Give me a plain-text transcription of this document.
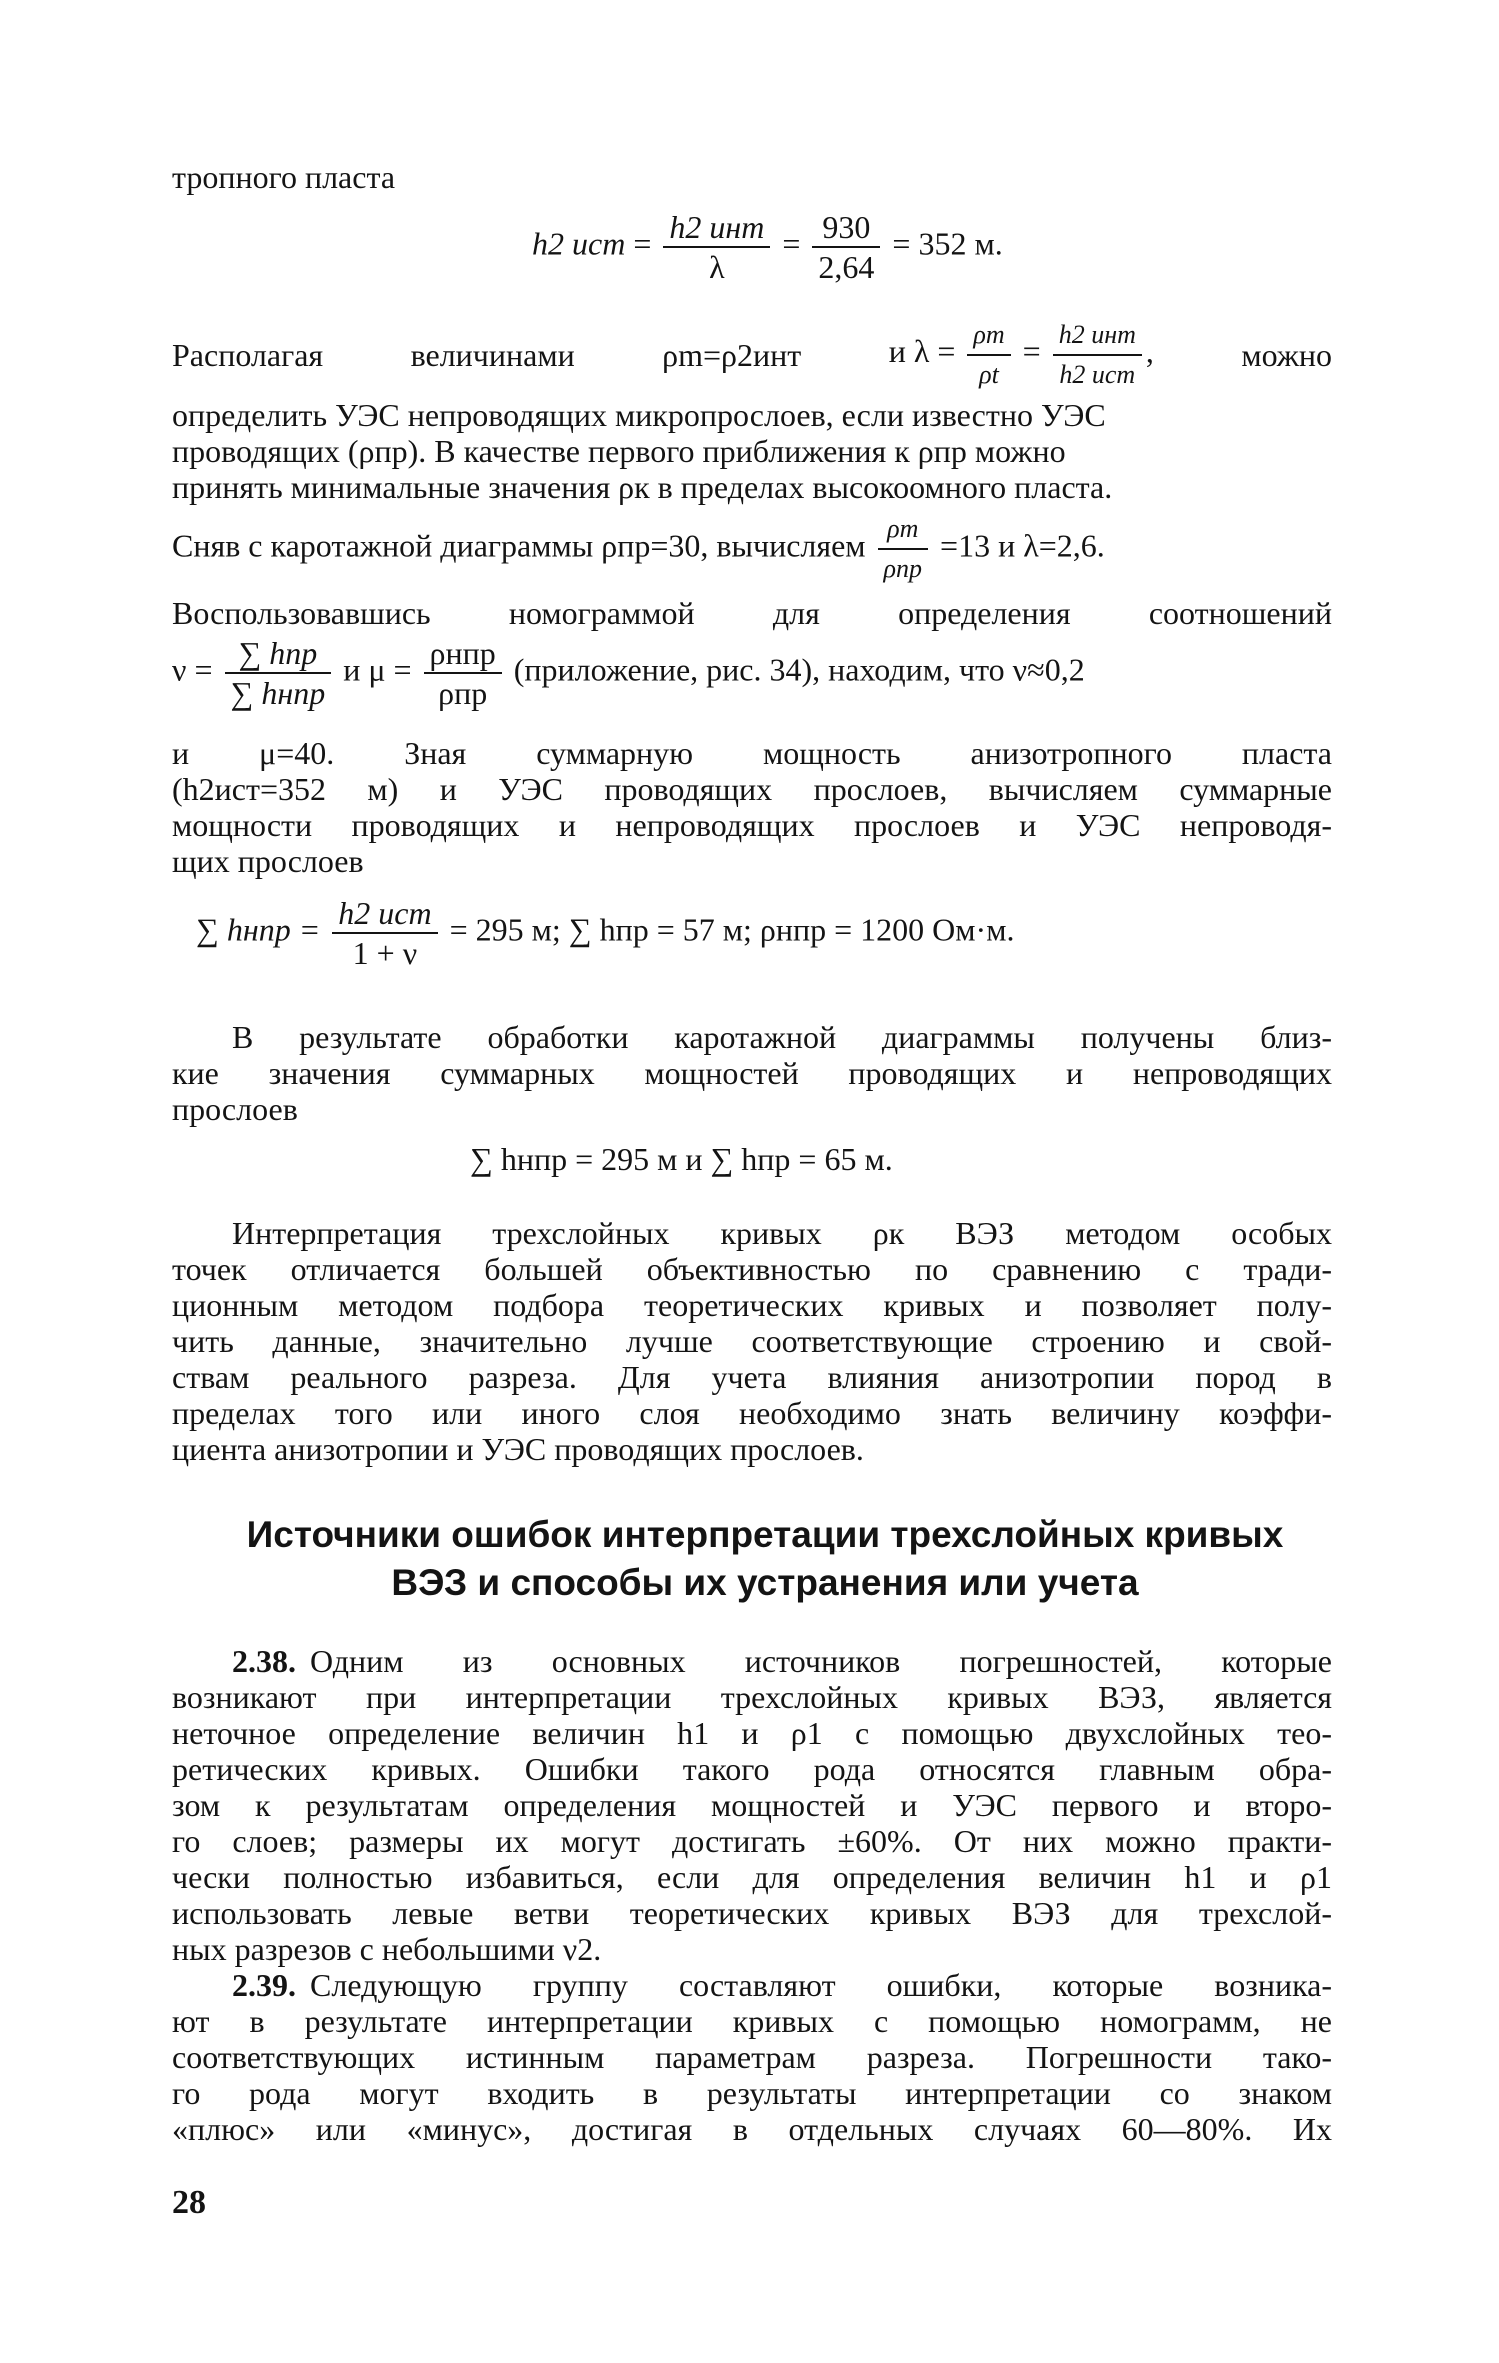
тропного пласта
h2 ист = $\frac{\text{h2 инт}}{\lambda} = \frac{930}{2,64} = 352$ м.
Располагая	величинами	ρm=ρ2инт	и $\lambda = \frac{\rho m}{\rho t} = \frac{\text{h2 инт}}{\text{h2 ист}}$ ,	можно
определить УЭС непроводящих микропрослоев, если известно УЭС
проводящих (ρпр). В качестве первого приближения к ρпр можно
принять минимальные значения ρк в пределах высокоомного пласта.
Сняв с каротажной диаграммы ρпр=30, вычисляем $\frac{\rho m}{\text{ρпр}} =13$ и λ=2,6.
Воспользовавшись номограммой для определения соотношений
$\nu = \frac{\text{∑ hпр}}{\text{∑ hнпр}}$ и $\mu = \frac{\text{ρнпр}}{\text{ρпр}}$ (приложение, рис. 34), находим, что ν≈0,2
и μ=40. Зная суммарную мощность анизотропного пласта
(h2ист=352 м) и УЭС проводящих прослоев, вычисляем суммарные
мощности проводящих и непроводящих прослоев и УЭС непроводя-
щих прослоев
∑ hнпр = $\frac{\text{h2 ист}}{1 + \nu} = 295$ м; ∑ hпр = 57 м; ρнпр = 1200 Ом·м.
В результате обработки каротажной диаграммы получены близ-
кие значения суммарных мощностей проводящих и непроводящих
прослоев
∑ hнпр = 295 м и ∑ hпр = 65 м.
Интерпретация трехслойных кривых ρк ВЭЗ методом особых
точек отличается большей объективностью по сравнению с тради-
ционным методом подбора теоретических кривых и позволяет полу-
чить данные, значительно лучше соответствующие строению и свой-
ствам реального разреза. Для учета влияния анизотропии пород в
пределах того или иного слоя необходимо знать величину коэффи-
циента анизотропии и УЭС проводящих прослоев.
Источники ошибок интерпретации трехслойных кривых
ВЭЗ и способы их устранения или учета
2.38. Одним из основных источников погрешностей, которые
возникают при интерпретации трехслойных кривых ВЭЗ, является
неточное определение величин h1 и ρ1 с помощью двухслойных тео-
ретических кривых. Ошибки такого рода относятся главным обра-
зом к результатам определения мощностей и УЭС первого и второ-
го слоев; размеры их могут достигать ±60%. От них можно практи-
чески полностью избавиться, если для определения величин h1 и ρ1
использовать левые ветви теоретических кривых ВЭЗ для трехслой-
ных разрезов с небольшими ν2.
2.39. Следующую группу составляют ошибки, которые возника-
ют в результате интерпретации кривых с помощью номограмм, не
соответствующих истинным параметрам разреза. Погрешности тако-
го рода могут входить в результаты интерпретации со знаком
«плюс» или «минус», достигая в отдельных случаях 60—80%. Их
28
